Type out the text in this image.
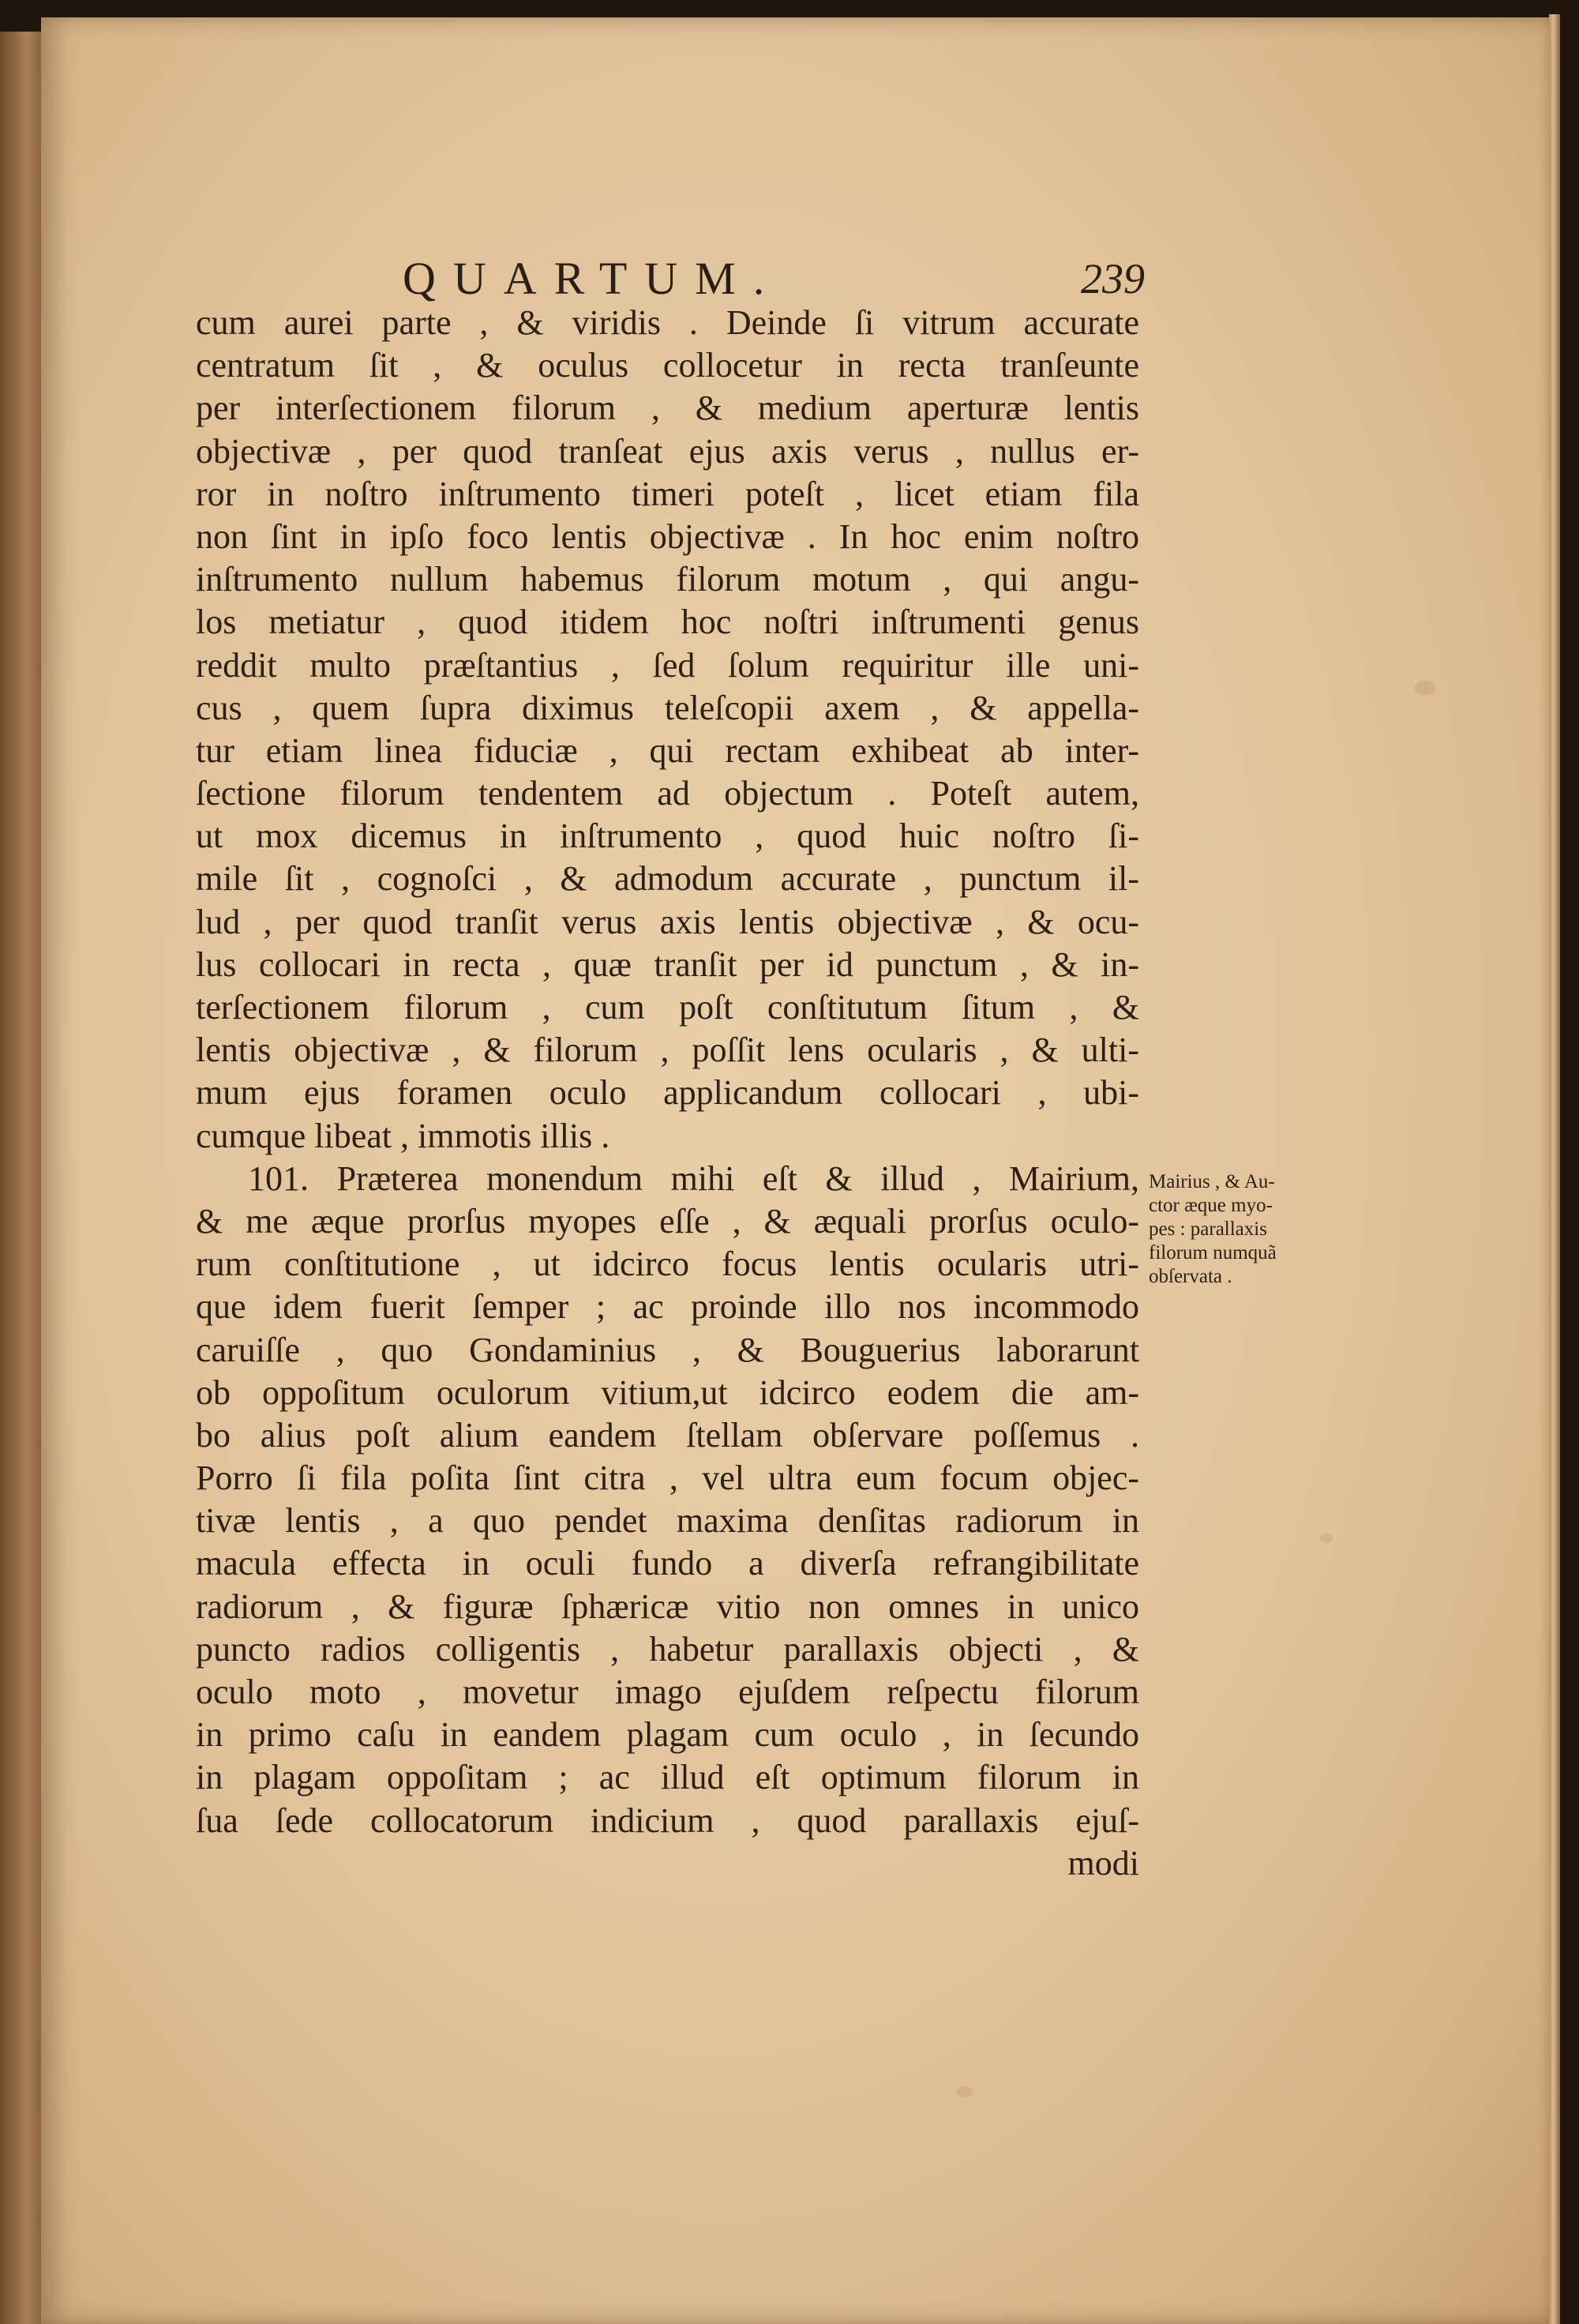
QUARTUM.	239
cum aurei parte , & viridis . Deinde ſi vitrum accurate
centratum ſit , & oculus collocetur in recta tranſeunte
per interſectionem filorum , & medium aperturæ lentis
objectivæ , per quod tranſeat ejus axis verus , nullus er-
ror in noſtro inſtrumento timeri poteſt , licet etiam fila
non ſint in ipſo foco lentis objectivæ . In hoc enim noſtro
inſtrumento nullum habemus filorum motum , qui angu-
los metiatur , quod itidem hoc noſtri inſtrumenti genus
reddit multo præſtantius , ſed ſolum requiritur ille uni-
cus , quem ſupra diximus teleſcopii axem , & appella-
tur etiam linea fiduciæ , qui rectam exhibeat ab inter-
ſectione filorum tendentem ad objectum . Poteſt autem,
ut mox dicemus in inſtrumento , quod huic noſtro ſi-
mile ſit , cognoſci , & admodum accurate , punctum il-
lud , per quod tranſit verus axis lentis objectivæ , & ocu-
lus collocari in recta , quæ tranſit per id punctum , & in-
terſectionem filorum , cum poſt conſtitutum ſitum , &
lentis objectivæ , & filorum , poſſit lens ocularis , & ulti-
mum ejus foramen oculo applicandum collocari , ubi-
cumque libeat , immotis illis .
101. Præterea monendum mihi eſt & illud , Mairium,
& me æque prorſus myopes eſſe , & æquali prorſus oculo-
rum conſtitutione , ut idcirco focus lentis ocularis utri-
que idem fuerit ſemper ; ac proinde illo nos incommodo
caruiſſe , quo Gondaminius , & Bouguerius laborarunt
ob oppoſitum oculorum vitium,ut idcirco eodem die am-
bo alius poſt alium eandem ſtellam obſervare poſſemus .
Porro ſi fila poſita ſint citra , vel ultra eum focum objec-
tivæ lentis , a quo pendet maxima denſitas radiorum in
macula effecta in oculi fundo a diverſa refrangibilitate
radiorum , & figuræ ſphæricæ vitio non omnes in unico
puncto radios colligentis , habetur parallaxis objecti , &
oculo moto , movetur imago ejuſdem reſpectu filorum
in primo caſu in eandem plagam cum oculo , in ſecundo
in plagam oppoſitam ; ac illud eſt optimum filorum in
ſua ſede collocatorum indicium , quod parallaxis ejuſ-
modi
Mairius , & Au-
ctor æque myo-
pes : parallaxis
filorum numquã
obſervata .
